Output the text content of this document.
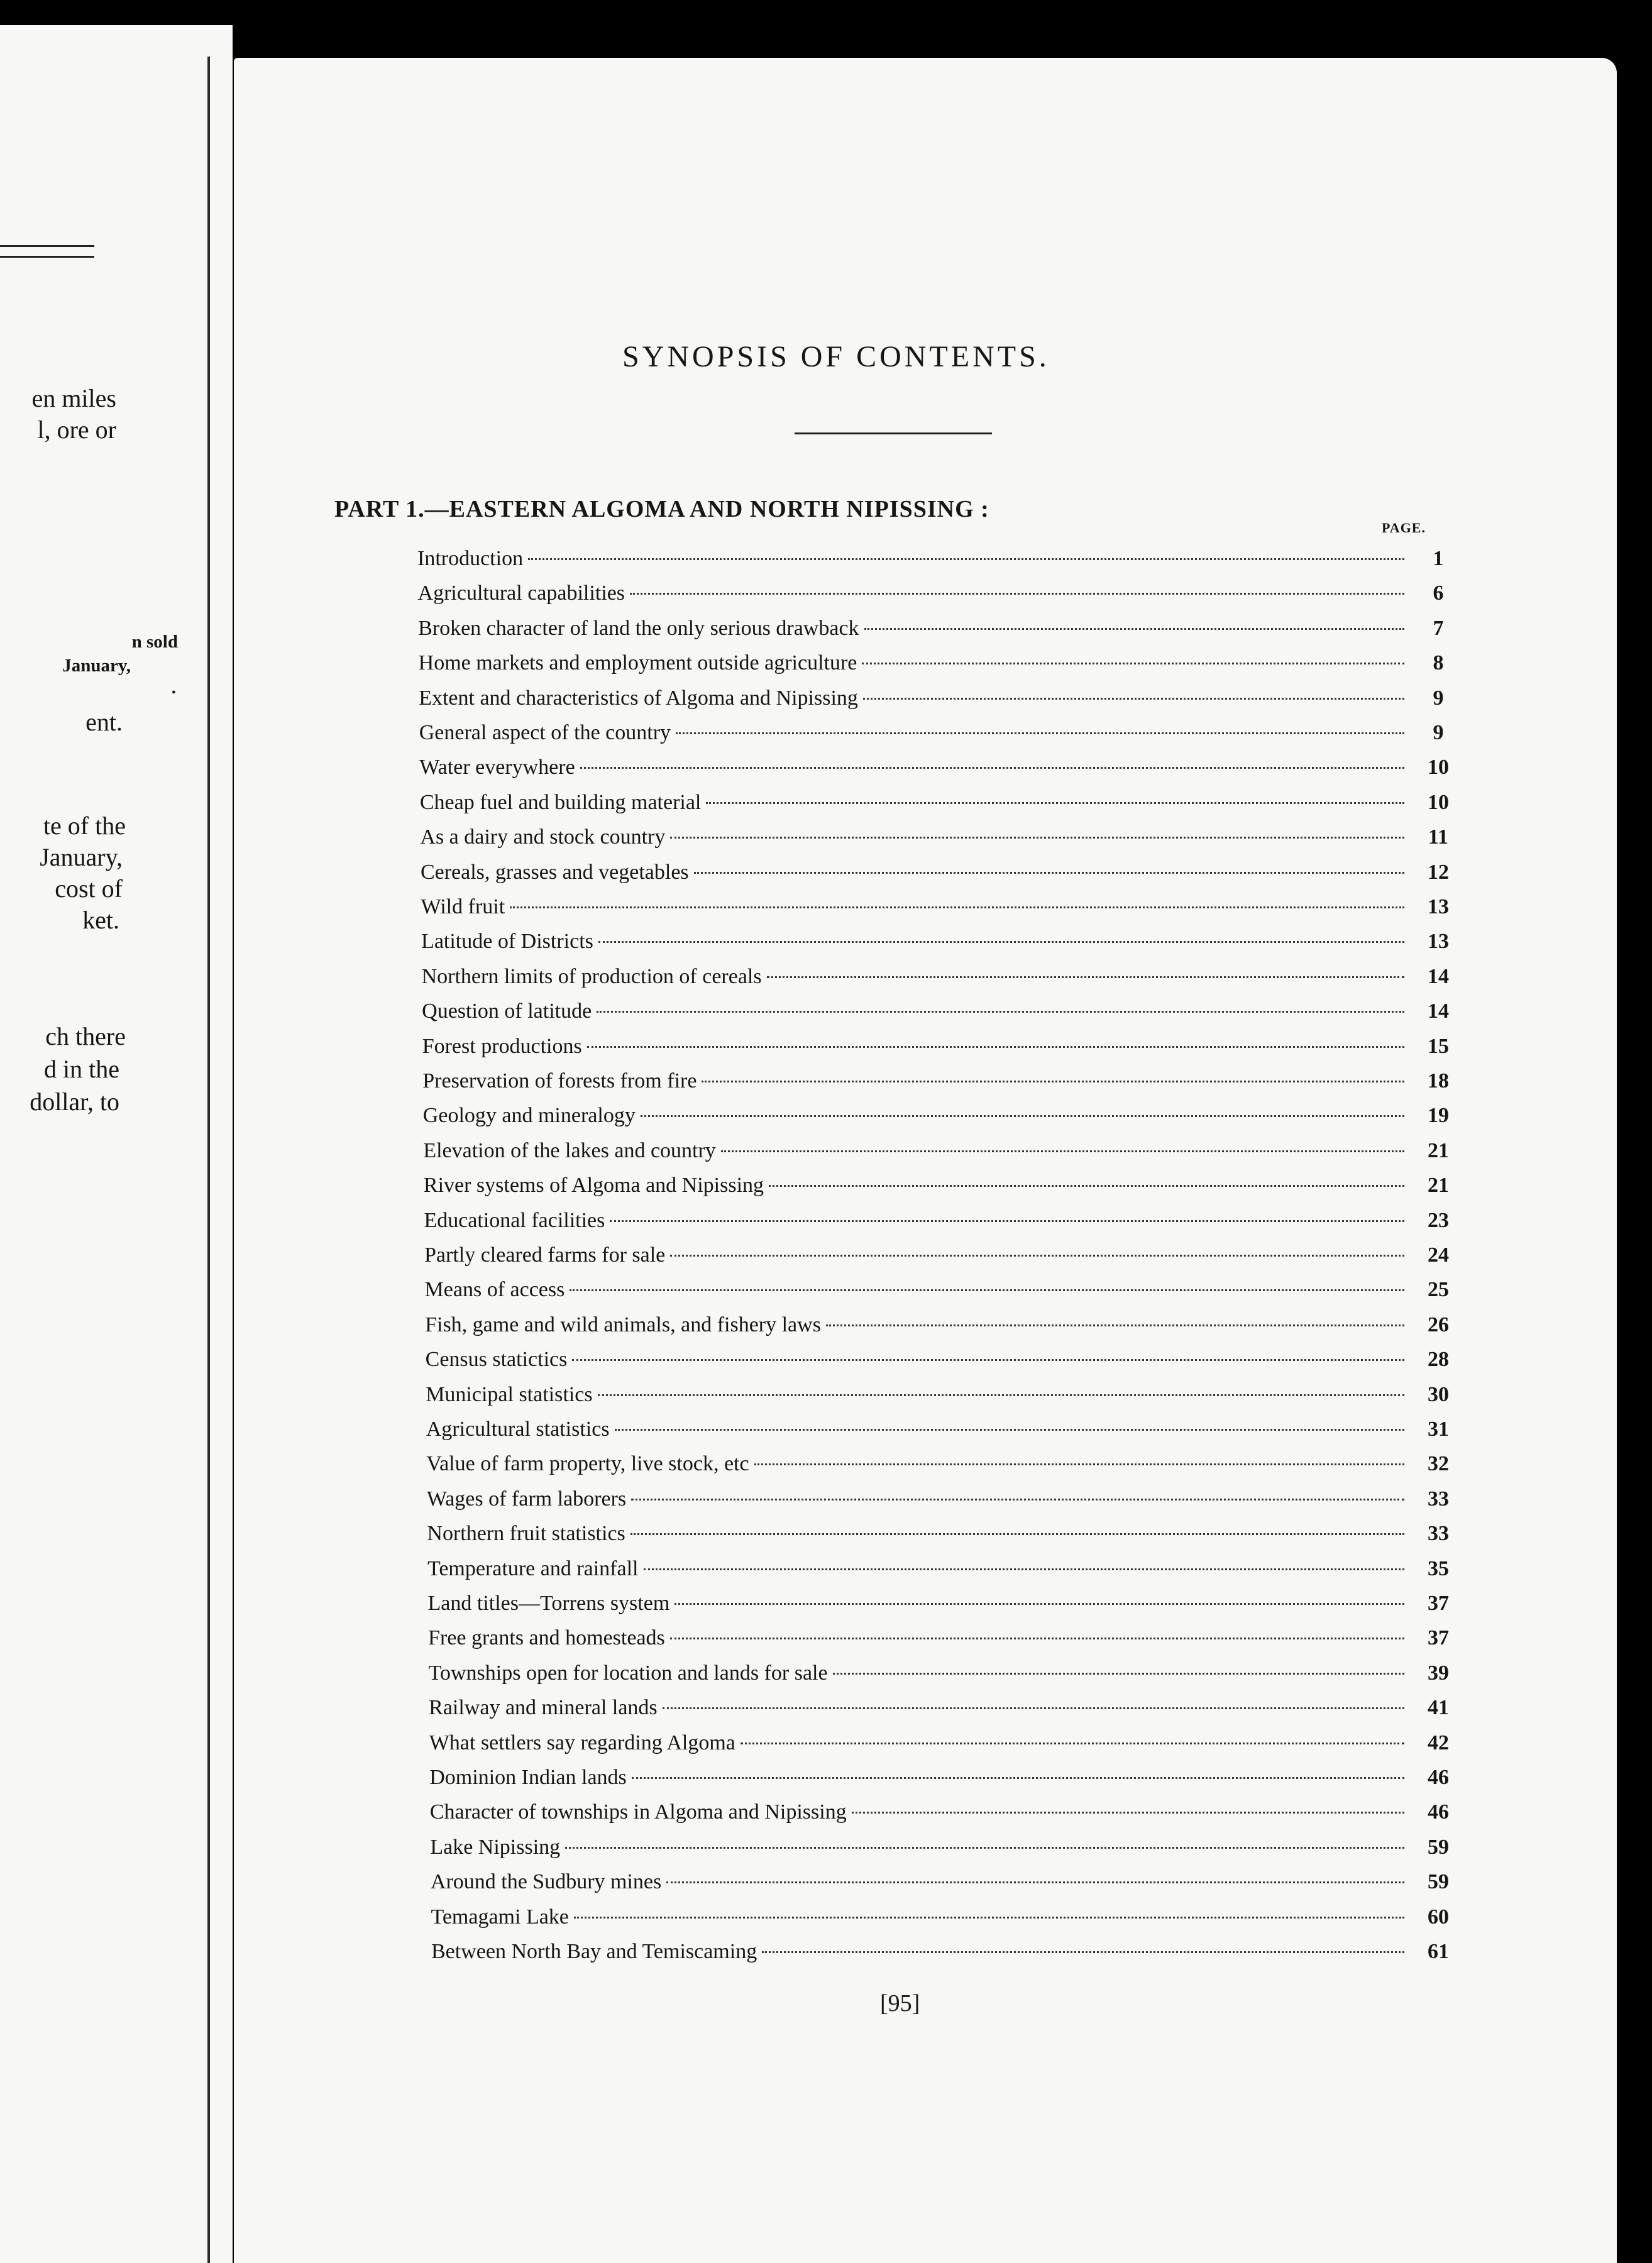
SYNOPSIS OF CONTENTS.
PART 1.—EASTERN ALGOMA AND NORTH NIPISSING :
PAGE.
Introduction	1
Agricultural capabilities	6
Broken character of land the only serious drawback	7
Home markets and employment outside agriculture	8
Extent and characteristics of Algoma and Nipissing	9
General aspect of the country	9
Water everywhere	10
Cheap fuel and building material	10
As a dairy and stock country	11
Cereals, grasses and vegetables	12
Wild fruit	13
Latitude of Districts	13
Northern limits of production of cereals	14
Question of latitude	14
Forest productions	15
Preservation of forests from fire	18
Geology and mineralogy	19
Elevation of the lakes and country	21
River systems of Algoma and Nipissing	21
Educational facilities	23
Partly cleared farms for sale	24
Means of access	25
Fish, game and wild animals, and fishery laws	26
Census statictics	28
Municipal statistics	30
Agricultural statistics	31
Value of farm property, live stock, etc	32
Wages of farm laborers	33
Northern fruit statistics	33
Temperature and rainfall	35
Land titles—Torrens system	37
Free grants and homesteads	37
Townships open for location and lands for sale	39
Railway and mineral lands	41
What settlers say regarding Algoma	42
Dominion Indian lands	46
Character of townships in Algoma and Nipissing	46
Lake Nipissing	59
Around the Sudbury mines	59
Temagami Lake	60
Between North Bay and Temiscaming	61
[95]
en miles
l, ore or
n sold
January,
.
ent.
te of the
January,
cost of
ket.
ch there
d in the
dollar, to
